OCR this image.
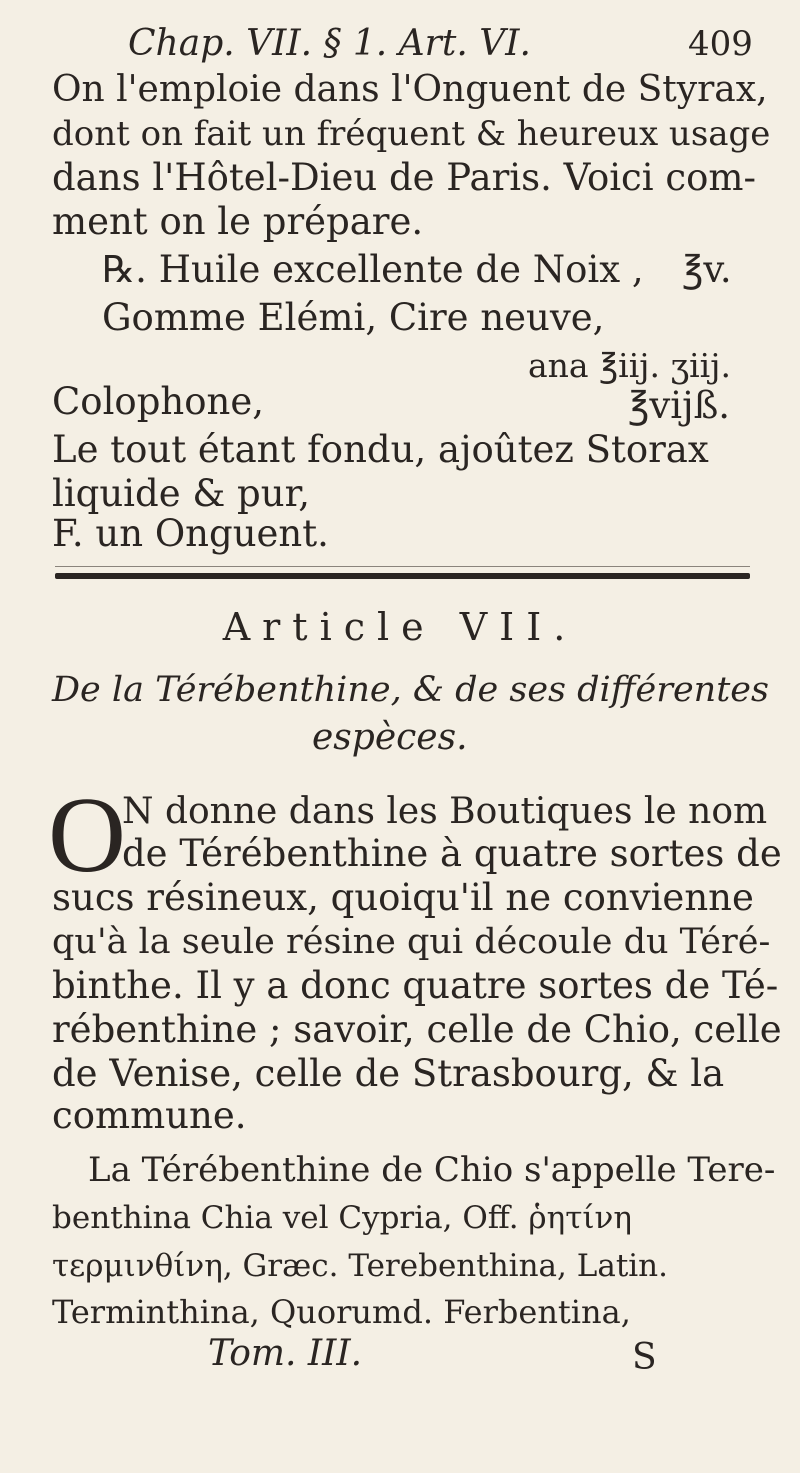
Chap. VII. § 1. Art. VI.	409
On l'emploie dans l'Onguent de Styrax,
dont on fait un fréquent & heureux usage
dans l'Hôtel-Dieu de Paris. Voici com-
ment on le prépare.
℞. Huile excellente de Noix , ℥v.
Gomme Elémi, Cire neuve,
ana ℥iij. ʒiij.
Colophone,	℥vijß.
Le tout étant fondu, ajoûtez Storax
liquide & pur,
F. un Onguent.
Article VII.
De la Térébenthine, & de ses différentes
espèces.
O
N donne dans les Boutiques le nom
de Térébenthine à quatre sortes de
sucs résineux, quoiqu'il ne convienne
qu'à la seule résine qui découle du Téré-
binthe. Il y a donc quatre sortes de Té-
rébenthine ; savoir, celle de Chio, celle
de Venise, celle de Strasbourg, & la
commune.
La Térébenthine de Chio s'appelle Tere-
benthina Chia vel Cypria, Off. ῥητίνη
τερμινθίνη, Græc. Terebenthina, Latin.
Terminthina, Quorumd. Ferbentina,
Tom. III.	S
